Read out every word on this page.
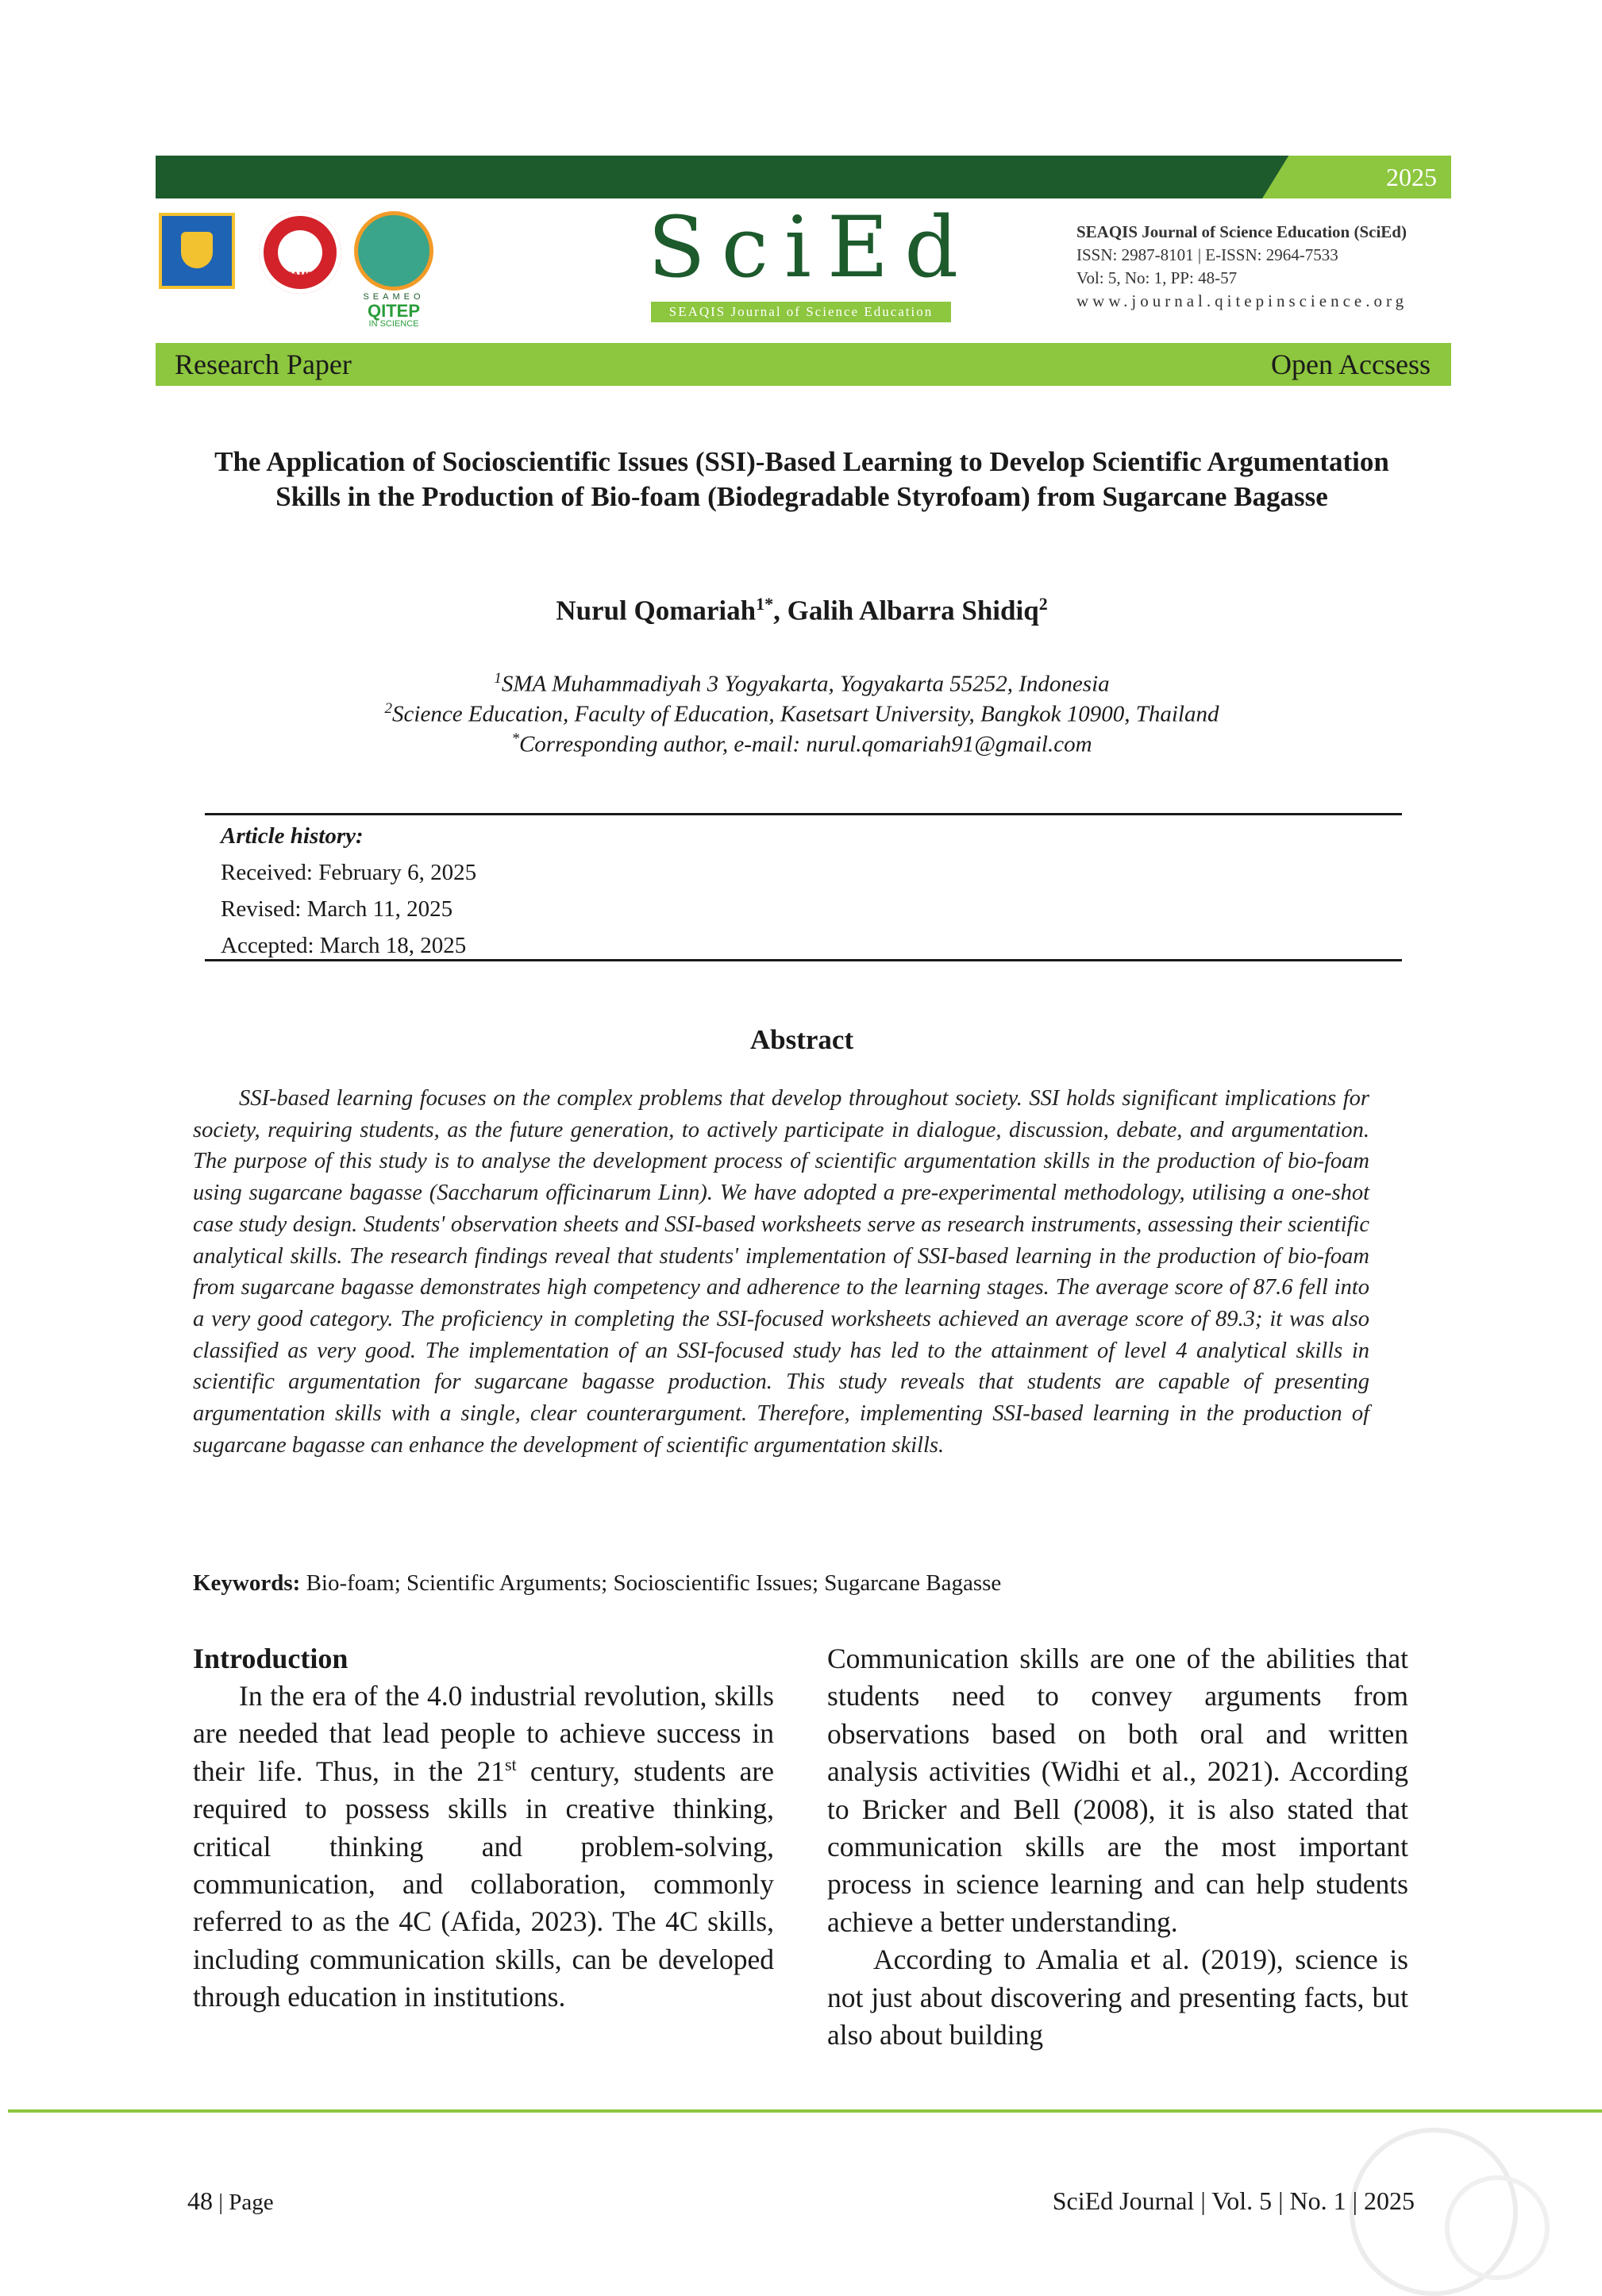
2025
SEAMEO
SEAMEO
QITEP
IN SCIENCE
SciEd
SEAQIS Journal of Science Education
SEAQIS Journal of Science Education (SciEd)
ISSN: 2987-8101 | E-ISSN: 2964-7533
Vol: 5, No: 1, PP: 48-57
www.journal.qitepinscience.org
Research Paper	Open Accsess
The Application of Socioscientific Issues (SSI)-Based Learning to Develop Scientific Argumentation Skills in the Production of Bio-foam (Biodegradable Styrofoam) from Sugarcane Bagasse
Nurul Qomariah$^{1*}$, Galih Albarra Shidiq$^2$
$^1$SMA Muhammadiyah 3 Yogyakarta, Yogyakarta 55252, Indonesia
$^2$Science Education, Faculty of Education, Kasetsart University, Bangkok 10900, Thailand
*Corresponding author, e-mail: nurul.qomariah91@gmail.com
Article history:
Received: February 6, 2025
Revised: March 11, 2025
Accepted: March 18, 2025
Abstract
SSI-based learning focuses on the complex problems that develop throughout society. SSI holds significant implications for society, requiring students, as the future generation, to actively participate in dialogue, discussion, debate, and argumentation. The purpose of this study is to analyse the development process of scientific argumentation skills in the production of bio-foam using sugarcane bagasse (Saccharum officinarum Linn). We have adopted a pre-experimental methodology, utilising a one-shot case study design. Students' observation sheets and SSI-based worksheets serve as research instruments, assessing their scientific analytical skills. The research findings reveal that students' implementation of SSI-based learning in the production of bio-foam from sugarcane bagasse demonstrates high competency and adherence to the learning stages. The average score of 87.6 fell into a very good category. The proficiency in completing the SSI-focused worksheets achieved an average score of 89.3; it was also classified as very good. The implementation of an SSI-focused study has led to the attainment of level 4 analytical skills in scientific argumentation for sugarcane bagasse production. This study reveals that students are capable of presenting argumentation skills with a single, clear counterargument. Therefore, implementing SSI-based learning in the production of sugarcane bagasse can enhance the development of scientific argumentation skills.
Keywords: Bio-foam; Scientific Arguments; Socioscientific Issues; Sugarcane Bagasse
Introduction

In the era of the 4.0 industrial revolution, skills are needed that lead people to achieve success in their life. Thus, in the 21st century, students are required to possess skills in creative thinking, critical thinking and problem-solving, communication, and collaboration, commonly referred to as the 4C (Afida, 2023). The 4C skills, including communication skills, can be developed through education in institutions.

Communication skills are one of the abilities that students need to convey arguments from observations based on both oral and written analysis activities (Widhi et al., 2021). According to Bricker and Bell (2008), it is also stated that communication skills are the most important process in science learning and can help students achieve a better understanding.

According to Amalia et al. (2019), science is not just about discovering and presenting facts, but also about building

48 | Page	SciEd Journal | Vol. 5 | No. 1 | 2025
